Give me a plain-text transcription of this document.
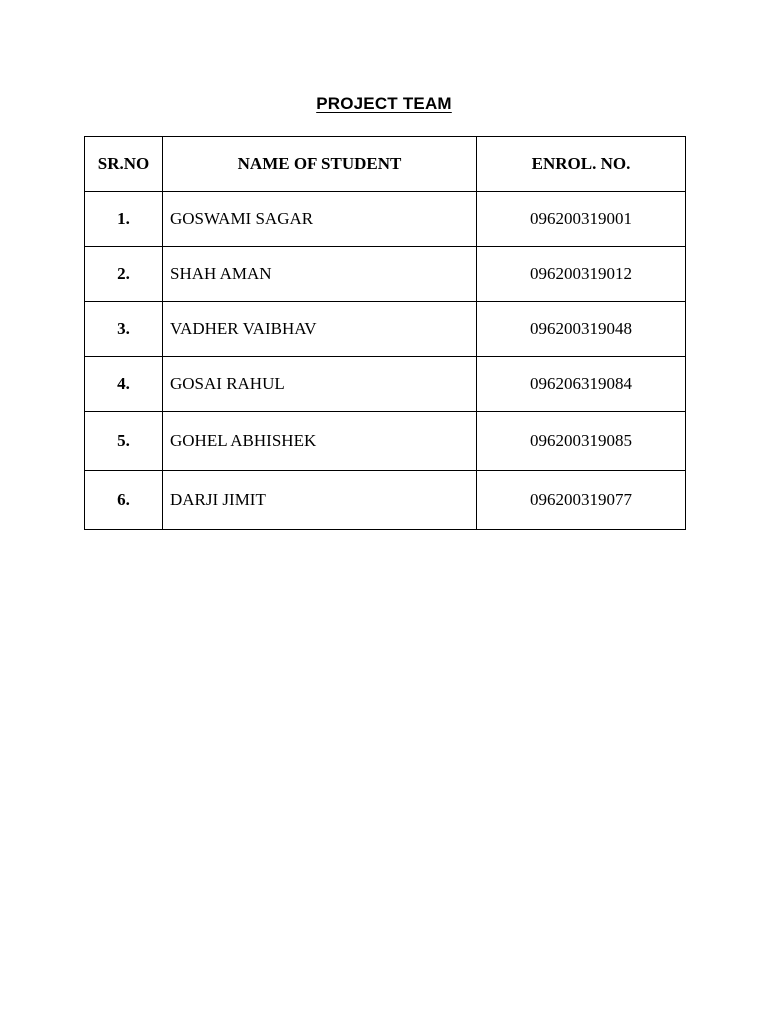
PROJECT TEAM
SR.NO	NAME OF STUDENT	ENROL. NO.
1.	GOSWAMI SAGAR	096200319001
2.	SHAH AMAN	096200319012
3.	VADHER VAIBHAV	096200319048
4.	GOSAI RAHUL	096206319084
5.	GOHEL ABHISHEK	096200319085
6.	DARJI JIMIT	096200319077
